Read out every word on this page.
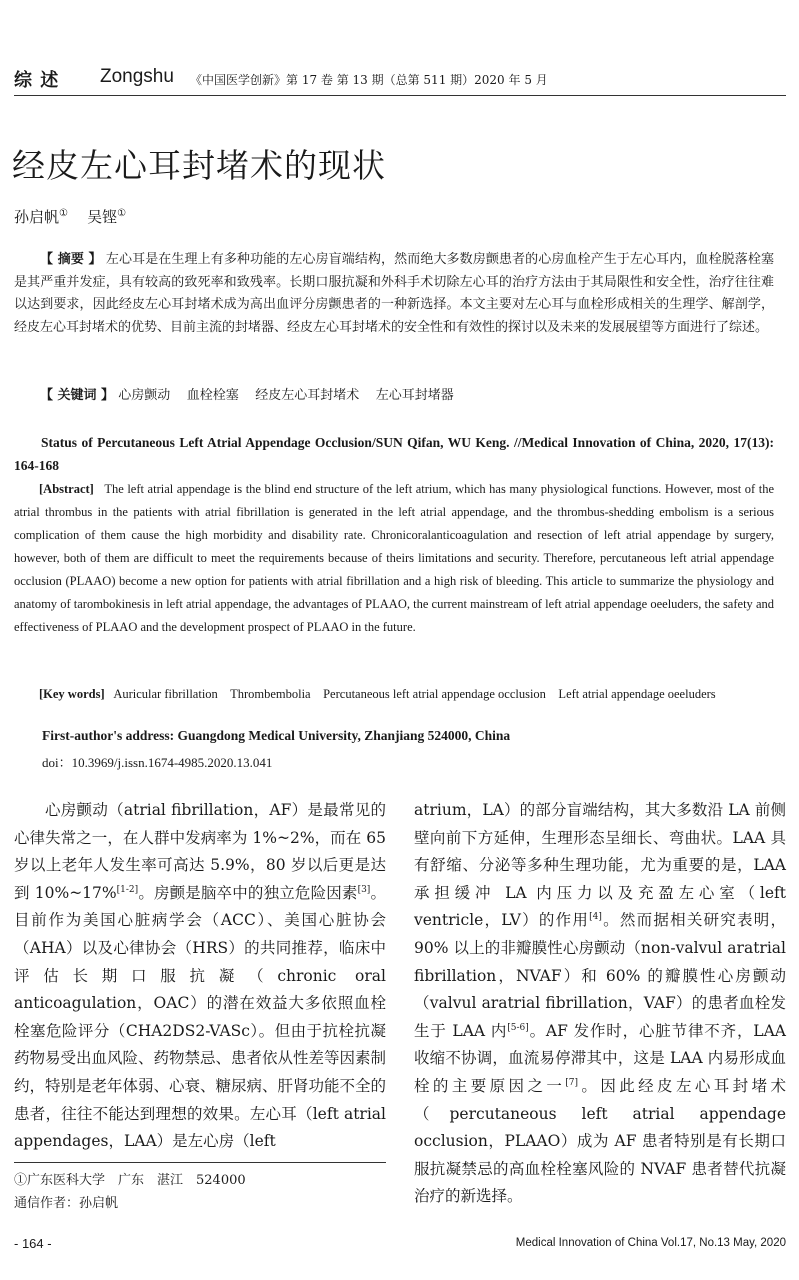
综 述 Zongshu 《中国医学创新》第 17 卷 第 13 期（总第 511 期）2020 年 5 月
经皮左心耳封堵术的现状
孙启帆① 吴铿①
【 摘要 】 左心耳是在生理上有多种功能的左心房盲端结构，然而绝大多数房颤患者的心房血栓产生于左心耳内，血栓脱落栓塞是其严重并发症，具有较高的致死率和致残率。长期口服抗凝和外科手术切除左心耳的治疗方法由于其局限性和安全性，治疗往往难以达到要求，因此经皮左心耳封堵术成为高出血评分房颤患者的一种新选择。本文主要对左心耳与血栓形成相关的生理学、解剖学，经皮左心耳封堵术的优势、目前主流的封堵器、经皮左心耳封堵术的安全性和有效性的探讨以及未来的发展展望等方面进行了综述。
【 关键词 】 心房颤动    血栓栓塞    经皮左心耳封堵术    左心耳封堵器
Status of Percutaneous Left Atrial Appendage Occlusion/SUN Qifan, WU Keng. //Medical Innovation of China, 2020, 17(13): 164-168
[Abstract] The left atrial appendage is the blind end structure of the left atrium, which has many physiological functions. However, most of the atrial thrombus in the patients with atrial fibrillation is generated in the left atrial appendage, and the thrombus-shedding embolism is a serious complication of them cause the high morbidity and disability rate. Chronicoralanticoagulation and resection of left atrial appendage by surgery, however, both of them are difficult to meet the requirements because of theirs limitations and security. Therefore, percutaneous left atrial appendage occlusion (PLAAO) become a new option for patients with atrial fibrillation and a high risk of bleeding. This article to summarize the physiology and anatomy of tarombokinesis in left atrial appendage, the advantages of PLAAO, the current mainstream of left atrial appendage oeeluders, the safety and effectiveness of PLAAO and the development prospect of PLAAO in the future.
[Key words] Auricular fibrillation    Thrombembolia    Percutaneous left atrial appendage occlusion    Left atrial appendage oeeluders
First-author's address: Guangdong Medical University, Zhanjiang 524000, China
doi：10.3969/j.issn.1674-4985.2020.13.041
心房颤动（atrial fibrillation，AF）是最常见的心律失常之一，在人群中发病率为 1%~2%，而在 65 岁以上老年人发生率可高达 5.9%，80 岁以后更是达到 10%~17%[1-2]。房颤是脑卒中的独立危险因素[3]。目前作为美国心脏病学会（ACC）、美国心脏协会（AHA）以及心律协会（HRS）的共同推荐，临床中评估长期口服抗凝（chronic oral anticoagulation，OAC）的潜在效益大多依照血栓栓塞危险评分（CHA2DS2-VASc）。但由于抗栓抗凝药物易受出血风险、药物禁忌、患者依从性差等因素制约，特别是老年体弱、心衰、糖尿病、肝肾功能不全的患者，往往不能达到理想的效果。左心耳（left atrial appendages，LAA）是左心房（left
atrium，LA）的部分盲端结构，其大多数沿 LA 前侧壁向前下方延伸，生理形态呈细长、弯曲状。LAA 具有舒缩、分泌等多种生理功能，尤为重要的是，LAA 承担缓冲 LA 内压力以及充盈左心室（left ventricle，LV）的作用[4]。然而据相关研究表明，90% 以上的非瓣膜性心房颤动（non-valvul aratrial fibrillation，NVAF）和 60% 的瓣膜性心房颤动（valvul aratrial fibrillation，VAF）的患者血栓发生于 LAA 内[5-6]。AF 发作时，心脏节律不齐，LAA 收缩不协调，血流易停滞其中，这是 LAA 内易形成血栓的主要原因之一[7]。因此经皮左心耳封堵术（percutaneous left atrial appendage occlusion，PLAAO）成为 AF 患者特别是有长期口服抗凝禁忌的高血栓栓塞风险的 NVAF 患者替代抗凝治疗的新选择。
①广东医科大学　广东　湛江　524000
通信作者：孙启帆
- 164 -	Medical Innovation of China Vol.17, No.13 May, 2020
